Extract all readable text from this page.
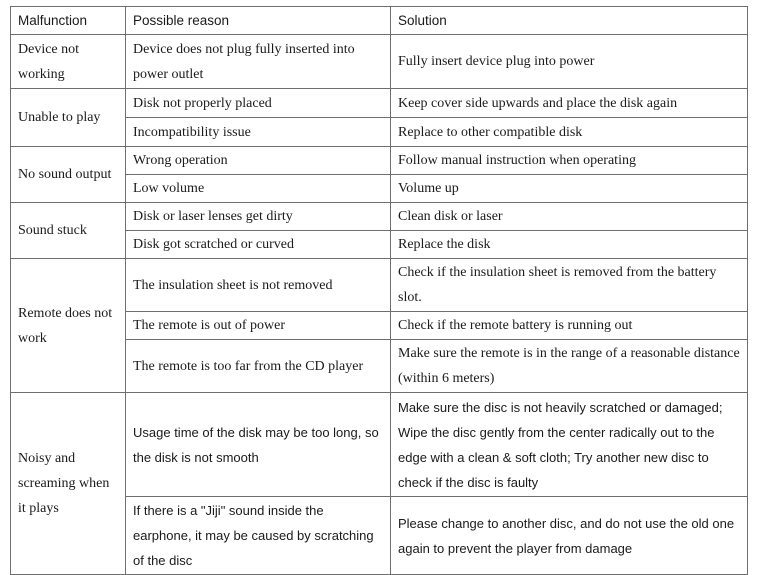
Malfunction	Possible reason	Solution
Device not working	Device does not plug fully inserted into power outlet	Fully insert device plug into power
Unable to play	Disk not properly placed	Keep cover side upwards and place the disk again
	Incompatibility issue	Replace to other compatible disk
No sound output	Wrong operation	Follow manual instruction when operating
	Low volume	Volume up
Sound stuck	Disk or laser lenses get dirty	Clean disk or laser
	Disk got scratched or curved	Replace the disk
Remote does not work	The insulation sheet is not removed	Check if the insulation sheet is removed from the battery slot.
	The remote is out of power	Check if the remote battery is running out
	The remote is too far from the CD player	Make sure the remote is in the range of a reasonable distance (within 6 meters)
Noisy and screaming when it plays	Usage time of the disk may be too long, so the disk is not smooth	Make sure the disc is not heavily scratched or damaged; Wipe the disc gently from the center radically out to the edge with a clean & soft cloth; Try another new disc to check if the disc is faulty
	If there is a "Jiji" sound inside the earphone, it may be caused by scratching of the disc	Please change to another disc, and do not use the old one again to prevent the player from damage
